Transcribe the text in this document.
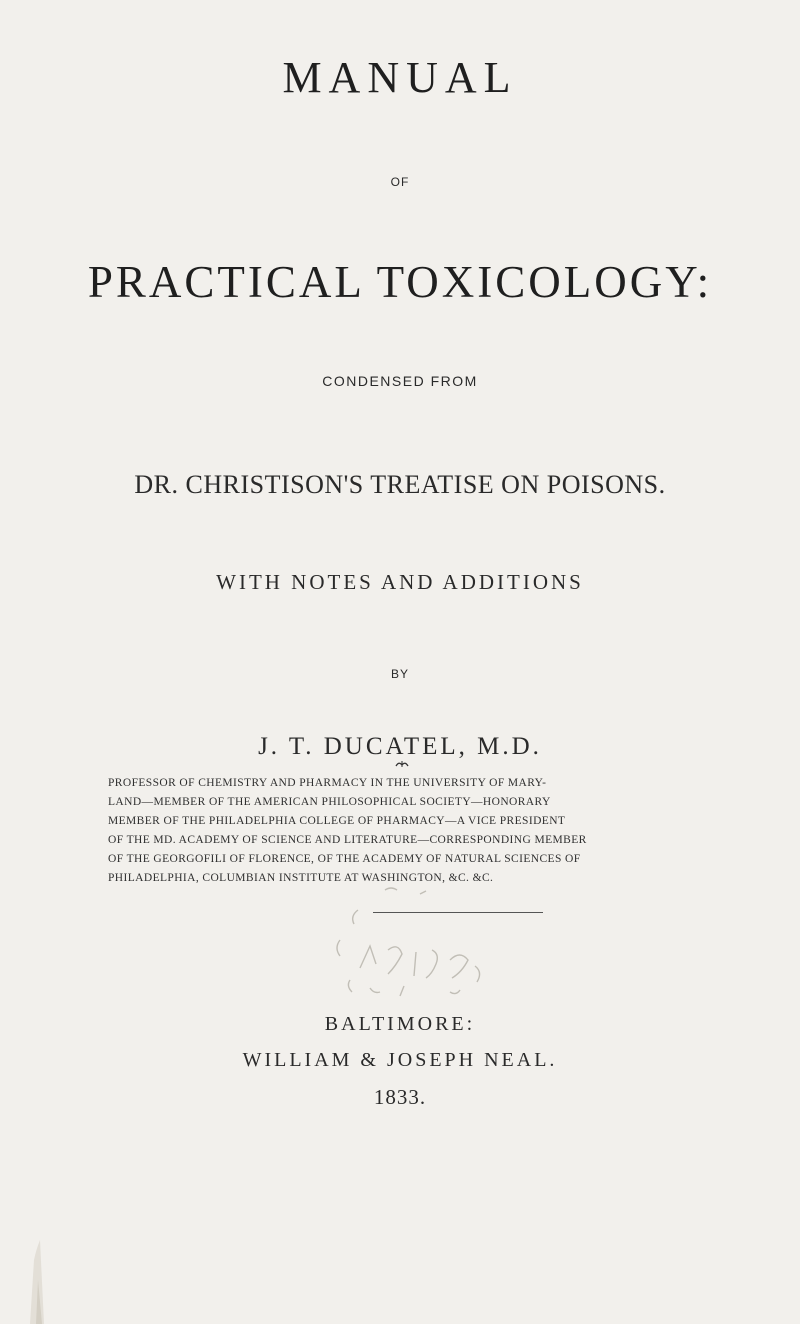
MANUAL
OF
PRACTICAL TOXICOLOGY:
CONDENSED FROM
DR. CHRISTISON'S TREATISE ON POISONS.
WITH NOTES AND ADDITIONS
BY
J. T. DUCATEL, M.D.
PROFESSOR OF CHEMISTRY AND PHARMACY IN THE UNIVERSITY OF MARY-
LAND—MEMBER OF THE AMERICAN PHILOSOPHICAL SOCIETY—HONORARY
MEMBER OF THE PHILADELPHIA COLLEGE OF PHARMACY—A VICE PRESIDENT
OF THE MD. ACADEMY OF SCIENCE AND LITERATURE—CORRESPONDING MEMBER
OF THE GEORGOFILI OF FLORENCE, OF THE ACADEMY OF NATURAL SCIENCES OF
PHILADELPHIA, COLUMBIAN INSTITUTE AT WASHINGTON, &C. &C.
BALTIMORE:
WILLIAM & JOSEPH NEAL.
1833.
